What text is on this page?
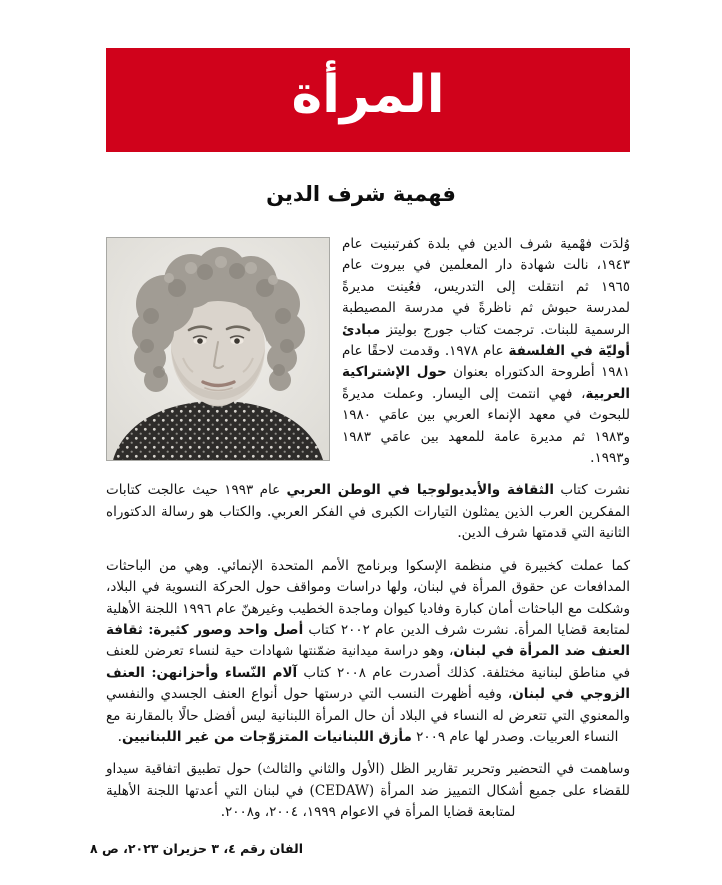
المرأة
فهمية شرف الدين

وُلدَت فهْمية شرف الدين في بلدة كفرتبنيت عام ١٩٤٣، نالت شهادة دار المعلمين في بيروت عام ١٩٦٥ ثم انتقلت إلى التدريس، فعُينت مديرةً لمدرسة حبوش ثم ناظرةً في مدرسة المصيطبة الرسمية للبنات. ترجمت كتاب جورج بوليتز مبادئ أوليّة في الفلسفة عام ١٩٧٨. وقدمت لاحقًا عام ١٩٨١ أطروحة الدكتوراه بعنوان حول الإشتراكية العربية، فهي انتمت إلى اليسار. وعملت مديرةً للبحوث في معهد الإنماء العربي بين عامَي ١٩٨٠ و١٩٨٣ ثم مديرة عامة للمعهد بين عامَي ١٩٨٣ و١٩٩٣.

نشرت كتاب الثقافة والأيديولوجيا في الوطن العربي عام ١٩٩٣ حيث عالجت كتابات المفكرين العرب الذين يمثلون التيارات الكبرى في الفكر العربي. والكتاب هو رسالة الدكتوراه الثانية التي قدمتها شرف الدين.

كما عملت كخبيرة في منظمة الإسكوا وبرنامج الأمم المتحدة الإنمائي. وهي من الباحثات المدافعات عن حقوق المرأة في لبنان، ولها دراسات ومواقف حول الحركة النسوية في البلاد، وشكلت مع الباحثات أمان كبارة وفاديا كيوان وماجدة الخطيب وغيرهنّ عام ١٩٩٦ اللجنة الأهلية لمتابعة قضايا المرأة. نشرت شرف الدين عام ٢٠٠٢ كتاب أصل واحد وصور كثيرة: ثقافة العنف ضد المرأة في لبنان، وهو دراسة ميدانية ضمّنتها شهادات حية لنساء تعرضن للعنف في مناطق لبنانية مختلفة. كذلك أصدرت عام ٢٠٠٨ كتاب آلام النّساء وأحزانهن: العنف الزوجي في لبنان، وفيه أظهرت النسب التي درستها حول أنواع العنف الجسدي والنفسي والمعنوي التي تتعرض له النساء في البلاد أن حال المرأة اللبنانية ليس أفضل حالًا بالمقارنة مع النساء العربيات. وصدر لها عام ٢٠٠٩ مأزق اللبنانيات المتزوّجات من غير اللبنانيين.

وساهمت في التحضير وتحرير تقارير الظل (الأول والثاني والثالث) حول تطبيق اتفاقية سيداو للقضاء على جميع أشكال التمييز ضد المرأة (CEDAW) في لبنان التي أعدتها اللجنة الأهلية لمتابعة قضايا المرأة في الاعوام ١٩٩٩، ٢٠٠٤، و٢٠٠٨.

الفان رقم ٤، ٣ حزيران ٢٠٢٣، ص ٨
